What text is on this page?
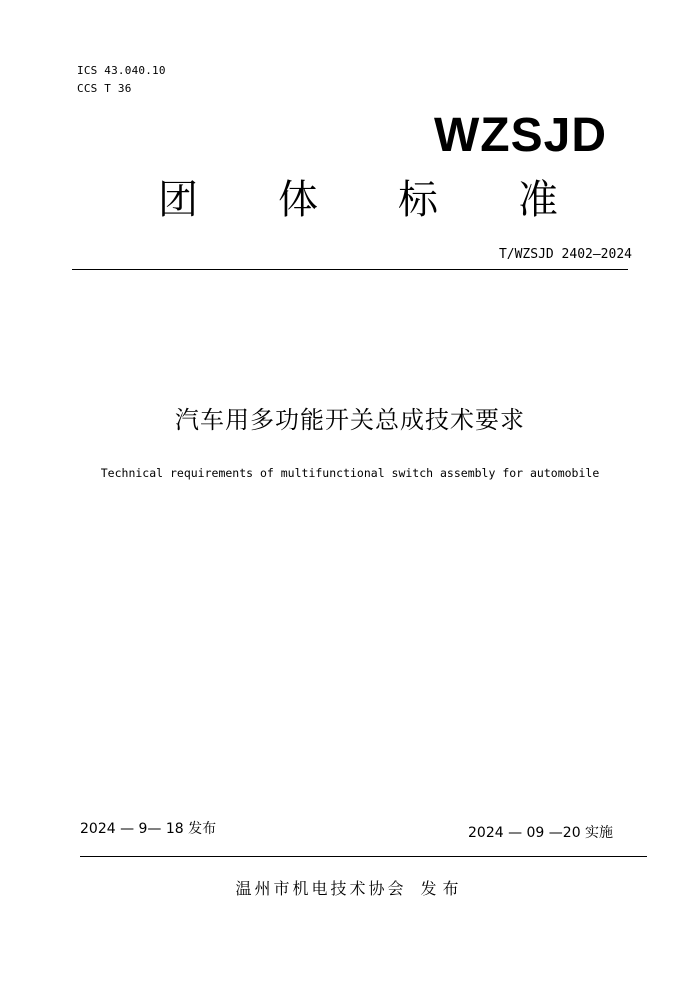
ICS 43.040.10
CCS T 36
WZSJD
团 体 标 准
T/WZSJD 2402—2024
汽车用多功能开关总成技术要求
Technical requirements of multifunctional switch assembly for automobile
2024 — 9— 18 发布	2024 — 09 —20 实施
温州市机电技术协会 发布
